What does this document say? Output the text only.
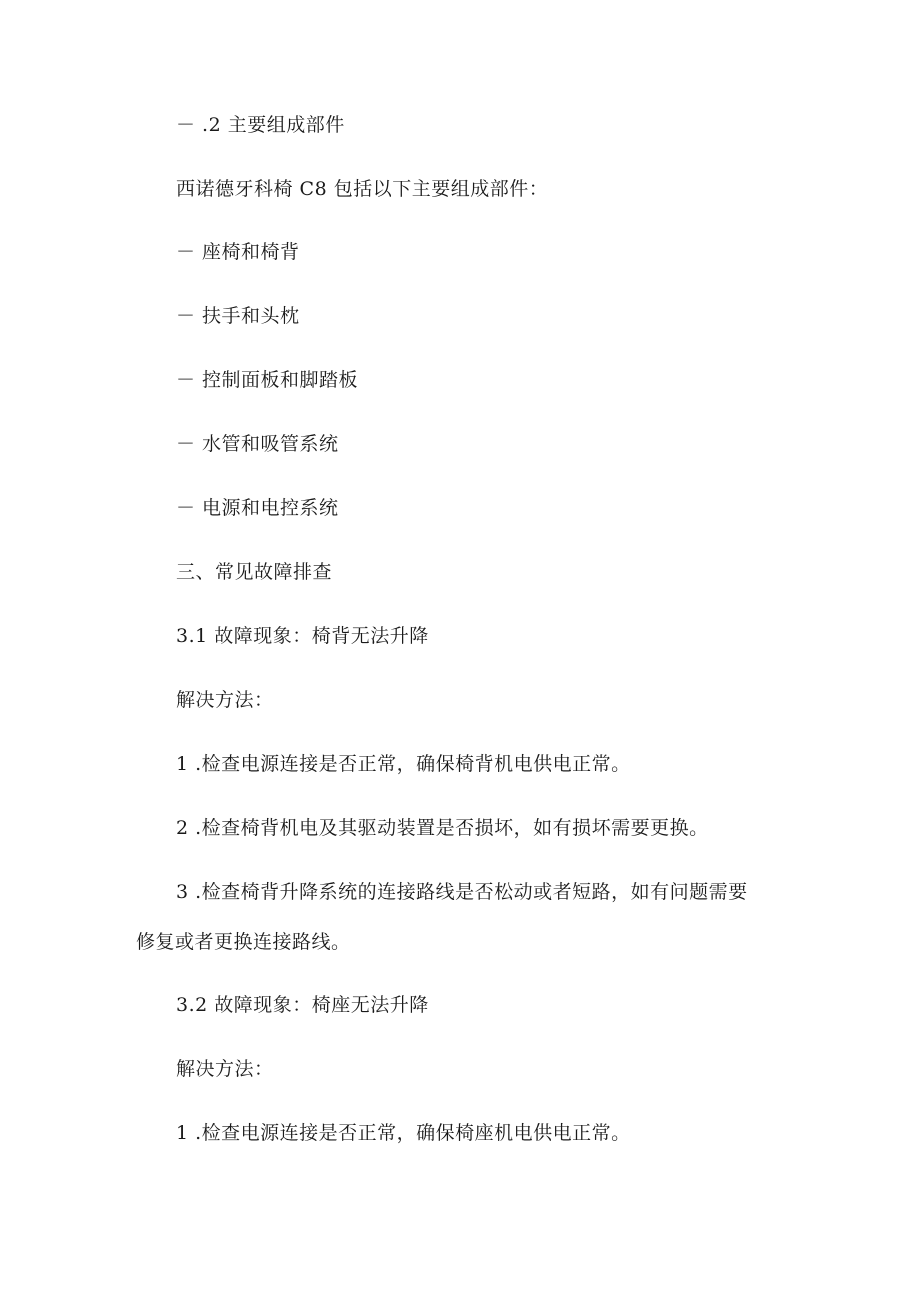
－ .2 主要组成部件
西诺德牙科椅 C8 包括以下主要组成部件：
－ 座椅和椅背
－ 扶手和头枕
－ 控制面板和脚踏板
－ 水管和吸管系统
－ 电源和电控系统
三、常见故障排查
3.1 故障现象：椅背无法升降
解决方法：
1 .检查电源连接是否正常，确保椅背机电供电正常。
2 .检查椅背机电及其驱动装置是否损坏，如有损坏需要更换。
3 .检查椅背升降系统的连接路线是否松动或者短路，如有问题需要
修复或者更换连接路线。
3.2 故障现象：椅座无法升降
解决方法：
1 .检查电源连接是否正常，确保椅座机电供电正常。
